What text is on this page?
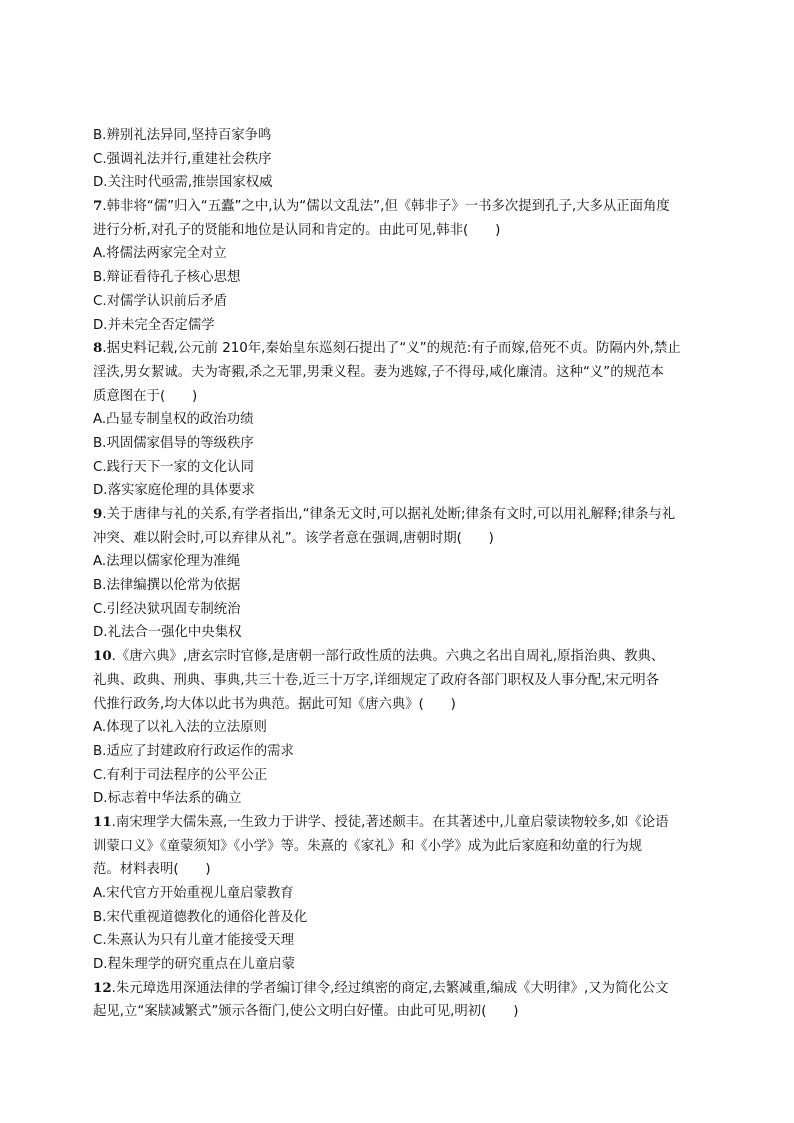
B.辨别礼法异同,坚持百家争鸣
C.强调礼法并行,重建社会秩序
D.关注时代亟需,推崇国家权威
7.韩非将“儒”归入“五蠹”之中,认为“儒以文乱法”,但《韩非子》一书多次提到孔子,大多从正面角度
进行分析,对孔子的贤能和地位是认同和肯定的。由此可见,韩非(　　)
A.将儒法两家完全对立
B.辩证看待孔子核心思想
C.对儒学认识前后矛盾
D.并未完全否定儒学
8.据史料记载,公元前 210年,秦始皇东巡刻石提出了“义”的规范:有子而嫁,倍死不贞。防隔内外,禁止
淫泆,男女絜诚。夫为寄豭,杀之无罪,男秉义程。妻为逃嫁,子不得母,咸化廉清。这种“义”的规范本
质意图在于(　　)
A.凸显专制皇权的政治功绩
B.巩固儒家倡导的等级秩序
C.践行天下一家的文化认同
D.落实家庭伦理的具体要求
9.关于唐律与礼的关系,有学者指出,“律条无文时,可以据礼处断;律条有文时,可以用礼解释;律条与礼
冲突、难以附会时,可以弃律从礼”。该学者意在强调,唐朝时期(　　)
A.法理以儒家伦理为准绳
B.法律编撰以伦常为依据
C.引经决狱巩固专制统治
D.礼法合一强化中央集权
10.《唐六典》,唐玄宗时官修,是唐朝一部行政性质的法典。六典之名出自周礼,原指治典、教典、
礼典、政典、刑典、事典,共三十卷,近三十万字,详细规定了政府各部门职权及人事分配,宋元明各
代推行政务,均大体以此书为典范。据此可知《唐六典》(　　)
A.体现了以礼入法的立法原则
B.适应了封建政府行政运作的需求
C.有利于司法程序的公平公正
D.标志着中华法系的确立
11.南宋理学大儒朱熹,一生致力于讲学、授徒,著述颇丰。在其著述中,儿童启蒙读物较多,如《论语
训蒙口义》《童蒙须知》《小学》等。朱熹的《家礼》和《小学》成为此后家庭和幼童的行为规
范。材料表明(　　)
A.宋代官方开始重视儿童启蒙教育
B.宋代重视道德教化的通俗化普及化
C.朱熹认为只有儿童才能接受天理
D.程朱理学的研究重点在儿童启蒙
12.朱元璋选用深通法律的学者编订律令,经过缜密的商定,去繁减重,编成《大明律》,又为简化公文
起见,立“案牍减繁式”颁示各衙门,使公文明白好懂。由此可见,明初(　　)
